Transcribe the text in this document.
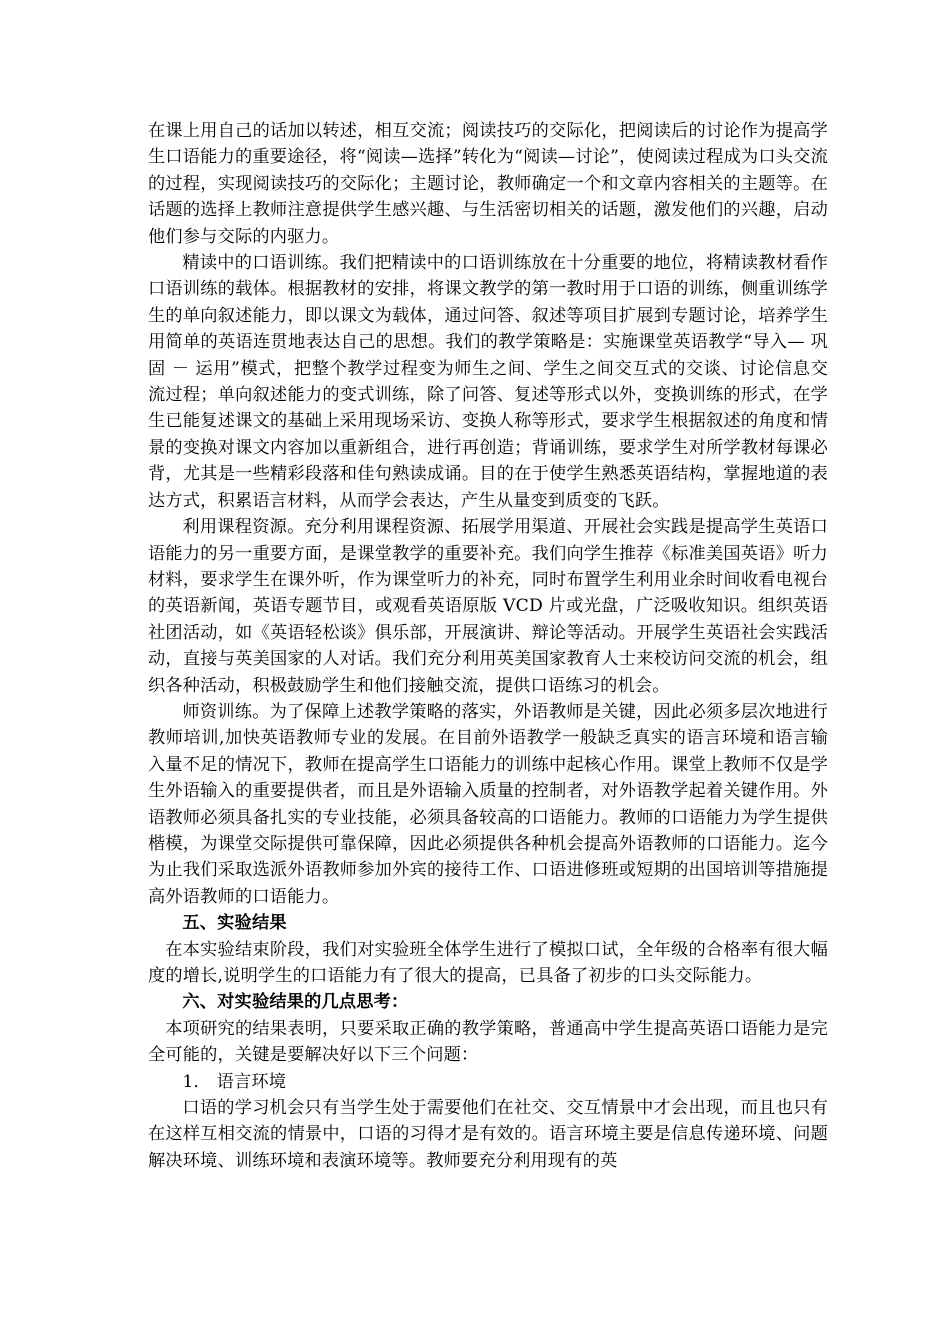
在课上用自己的话加以转述，相互交流；阅读技巧的交际化，把阅读后的讨论作为提高学生口语能力的重要途径，将“阅读—选择”转化为“阅读—讨论”，使阅读过程成为口头交流的过程，实现阅读技巧的交际化；主题讨论，教师确定一个和文章内容相关的主题等。在话题的选择上教师注意提供学生感兴趣、与生活密切相关的话题，激发他们的兴趣，启动他们参与交际的内驱力。

精读中的口语训练。我们把精读中的口语训练放在十分重要的地位，将精读教材看作口语训练的载体。根据教材的安排，将课文教学的第一教时用于口语的训练，侧重训练学生的单向叙述能力，即以课文为载体，通过问答、叙述等项目扩展到专题讨论，培养学生用简单的英语连贯地表达自己的思想。我们的教学策略是：实施课堂英语教学“导入— 巩固 － 运用”模式，把整个教学过程变为师生之间、学生之间交互式的交谈、讨论信息交流过程；单向叙述能力的变式训练，除了问答、复述等形式以外，变换训练的形式，在学生已能复述课文的基础上采用现场采访、变换人称等形式，要求学生根据叙述的角度和情景的变换对课文内容加以重新组合，进行再创造；背诵训练，要求学生对所学教材每课必背，尤其是一些精彩段落和佳句熟读成诵。目的在于使学生熟悉英语结构，掌握地道的表达方式，积累语言材料，从而学会表达，产生从量变到质变的飞跃。

利用课程资源。充分利用课程资源、拓展学用渠道、开展社会实践是提高学生英语口语能力的另一重要方面，是课堂教学的重要补充。我们向学生推荐《标准美国英语》听力材料，要求学生在课外听，作为课堂听力的补充，同时布置学生利用业余时间收看电视台的英语新闻，英语专题节目，或观看英语原版 VCD 片或光盘，广泛吸收知识。组织英语社团活动，如《英语轻松谈》俱乐部，开展演讲、辩论等活动。开展学生英语社会实践活动，直接与英美国家的人对话。我们充分利用英美国家教育人士来校访问交流的机会，组织各种活动，积极鼓励学生和他们接触交流，提供口语练习的机会。

师资训练。为了保障上述教学策略的落实，外语教师是关键，因此必须多层次地进行教师培训,加快英语教师专业的发展。在目前外语教学一般缺乏真实的语言环境和语言输入量不足的情况下，教师在提高学生口语能力的训练中起核心作用。课堂上教师不仅是学生外语输入的重要提供者，而且是外语输入质量的控制者，对外语教学起着关键作用。外语教师必须具备扎实的专业技能，必须具备较高的口语能力。教师的口语能力为学生提供楷模，为课堂交际提供可靠保障，因此必须提供各种机会提高外语教师的口语能力。迄今为止我们采取选派外语教师参加外宾的接待工作、口语进修班或短期的出国培训等措施提高外语教师的口语能力。

五、实验结果

在本实验结束阶段，我们对实验班全体学生进行了模拟口试，全年级的合格率有很大幅度的增长,说明学生的口语能力有了很大的提高，已具备了初步的口头交际能力。

六、对实验结果的几点思考：

本项研究的结果表明，只要采取正确的教学策略，普通高中学生提高英语口语能力是完全可能的，关键是要解决好以下三个问题：

1． 语言环境

口语的学习机会只有当学生处于需要他们在社交、交互情景中才会出现，而且也只有在这样互相交流的情景中，口语的习得才是有效的。语言环境主要是信息传递环境、问题解决环境、训练环境和表演环境等。教师要充分利用现有的英
